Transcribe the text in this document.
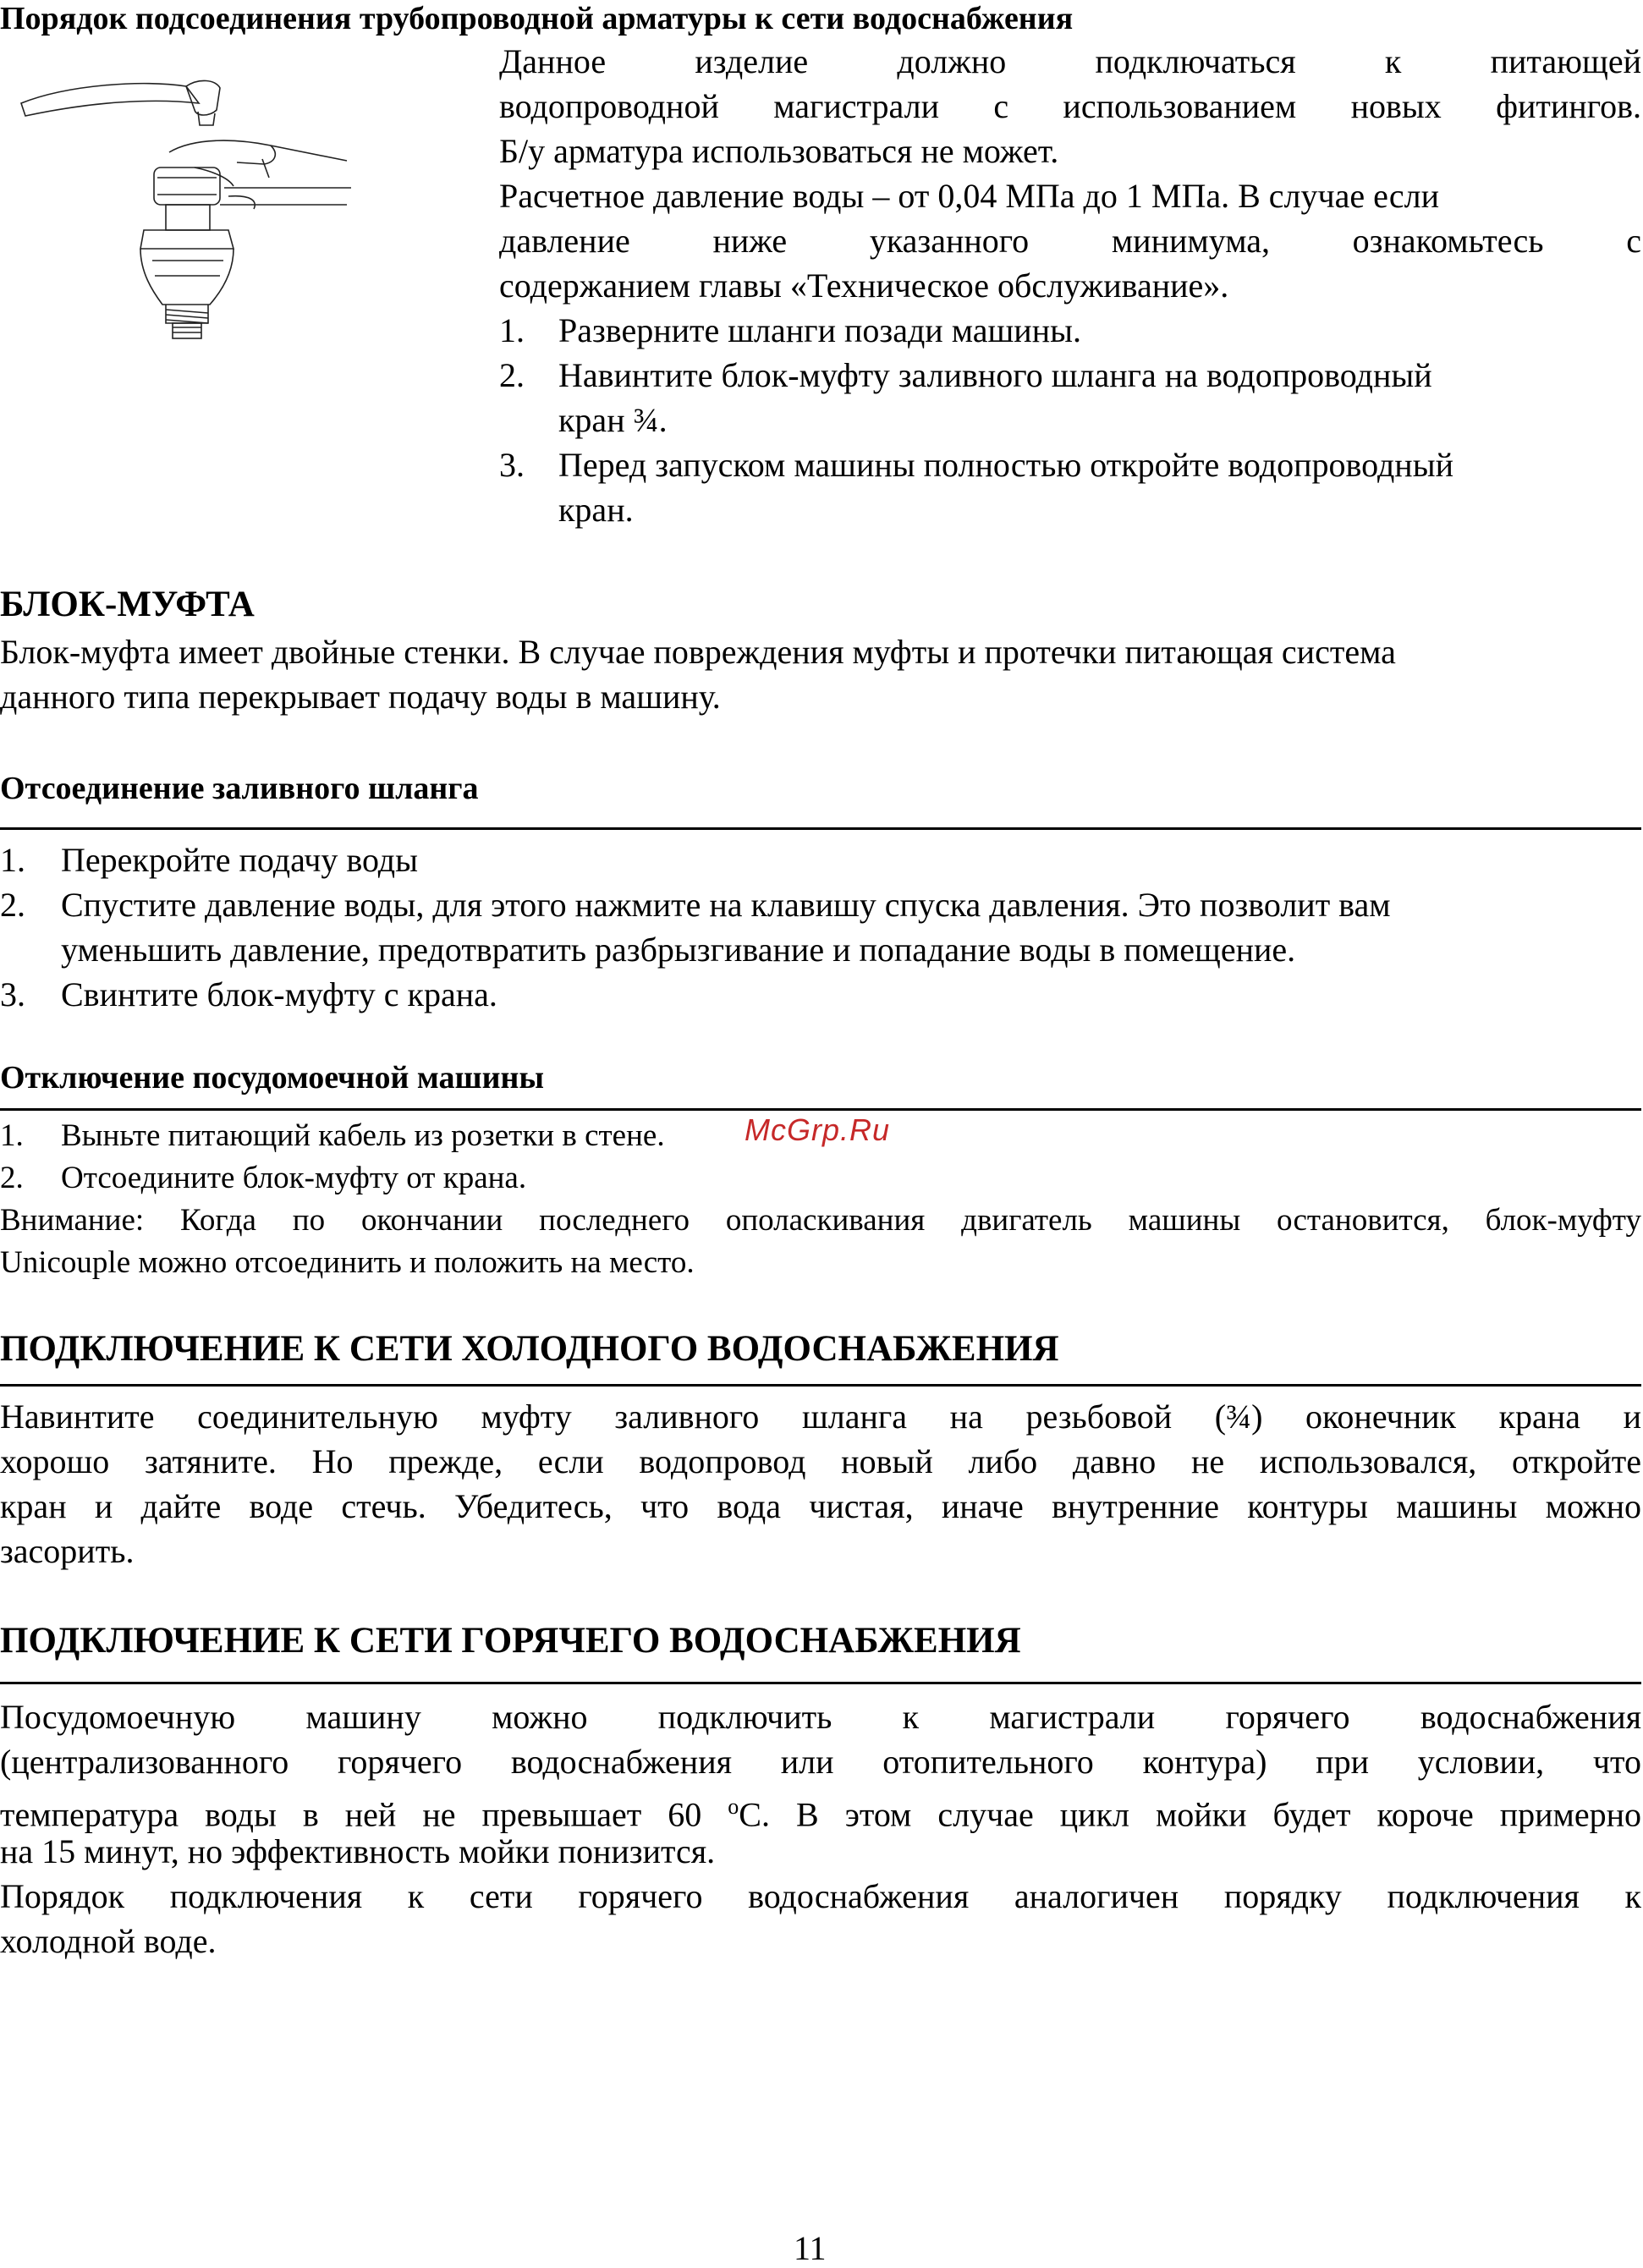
Порядок подсоединения трубопроводной арматуры к сети водоснабжения

Данное изделие должно подключаться к питающей

водопроводной магистрали с использованием новых фитингов.

Б/у арматура использоваться не может.

Расчетное давление воды – от 0,04 МПа до 1 МПа. В случае если

давление ниже указанного минимума, ознакомьтесь с

содержанием главы «Техническое обслуживание».

1.	Разверните шланги позади машины.

2.	Навинтите блок-муфту заливного шланга на водопроводный

кран ¾.

3.	Перед запуском машины полностью откройте водопроводный

кран.

БЛОК-МУФТА

Блок-муфта имеет двойные стенки. В случае повреждения муфты и протечки питающая система

данного типа перекрывает подачу воды в машину.

Отсоединение заливного шланга

1.	Перекройте подачу воды

2.	Спустите давление воды, для этого нажмите на клавишу спуска давления. Это позволит вам

уменьшить давление, предотвратить разбрызгивание и попадание воды в помещение.

3.	Свинтите блок-муфту с крана.

Отключение посудомоечной машины

1.	Выньте питающий кабель из розетки в стене.

2.	Отсоедините блок-муфту от крана.

Внимание: Когда по окончании последнего ополаскивания двигатель машины остановится, блок-муфту

Unicouple можно отсоединить и положить на место.

McGrp.Ru

ПОДКЛЮЧЕНИЕ К СЕТИ ХОЛОДНОГО ВОДОСНАБЖЕНИЯ

Навинтите соединительную муфту заливного шланга на резьбовой (¾) оконечник крана и

хорошо затяните. Но прежде, если водопровод новый либо давно не использовался, откройте

кран и дайте воде стечь. Убедитесь, что вода чистая, иначе внутренние контуры машины можно

засорить.

ПОДКЛЮЧЕНИЕ К СЕТИ ГОРЯЧЕГО ВОДОСНАБЖЕНИЯ

Посудомоечную машину можно подключить к магистрали горячего водоснабжения

(централизованного горячего водоснабжения или отопительного контура) при условии, что

температура воды в ней не превышает 60 $^o$С. В этом случае цикл мойки будет короче примерно

на 15 минут, но эффективность мойки понизится.

Порядок подключения к сети горячего водоснабжения аналогичен порядку подключения к

холодной воде.

11
